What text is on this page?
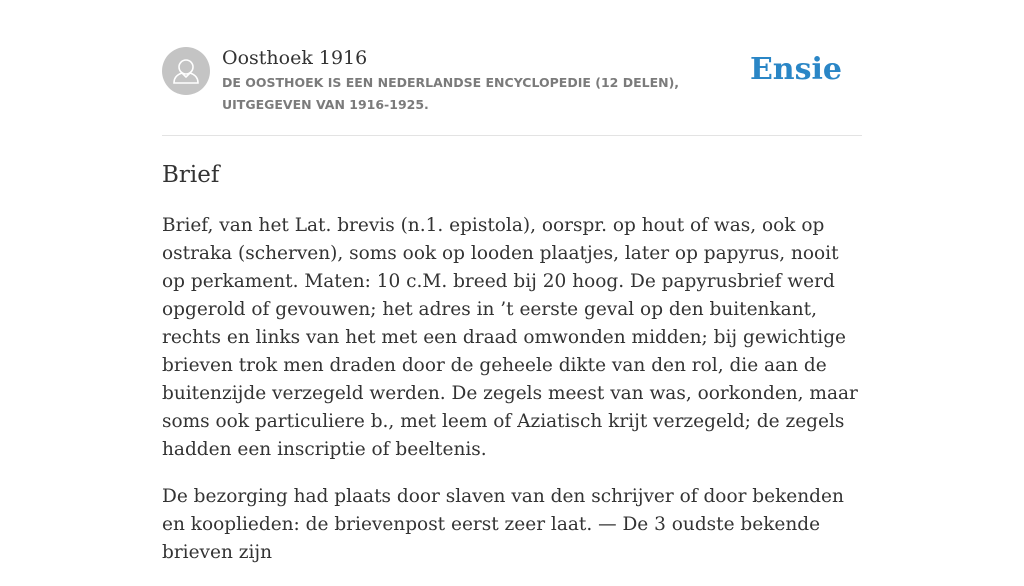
Oosthoek 1916
DE OOSTHOEK IS EEN NEDERLANDSE ENCYCLOPEDIE (12 DELEN), UITGEGEVEN VAN 1916-1925.
Ensie
Brief

Brief, van het Lat. brevis (n.1. epistola), oorspr. op hout of was, ook op ostraka (scherven), soms ook op looden plaatjes, later op papyrus, nooit op perkament. Maten: 10 c.M. breed bij 20 hoog. De papyrusbrief werd opgerold of gevouwen; het adres in ’t eerste geval op den buitenkant, rechts en links van het met een draad omwonden midden; bij gewichtige brieven trok men draden door de geheele dikte van den rol, die aan de buitenzijde verzegeld werden. De zegels meest van was, oorkonden, maar soms ook particuliere b., met leem of Aziatisch krijt verzegeld; de zegels hadden een inscriptie of beeltenis.

De bezorging had plaats door slaven van den schrijver of door bekenden en kooplieden: de brievenpost eerst zeer laat. — De 3 oudste bekende brieven zijn
